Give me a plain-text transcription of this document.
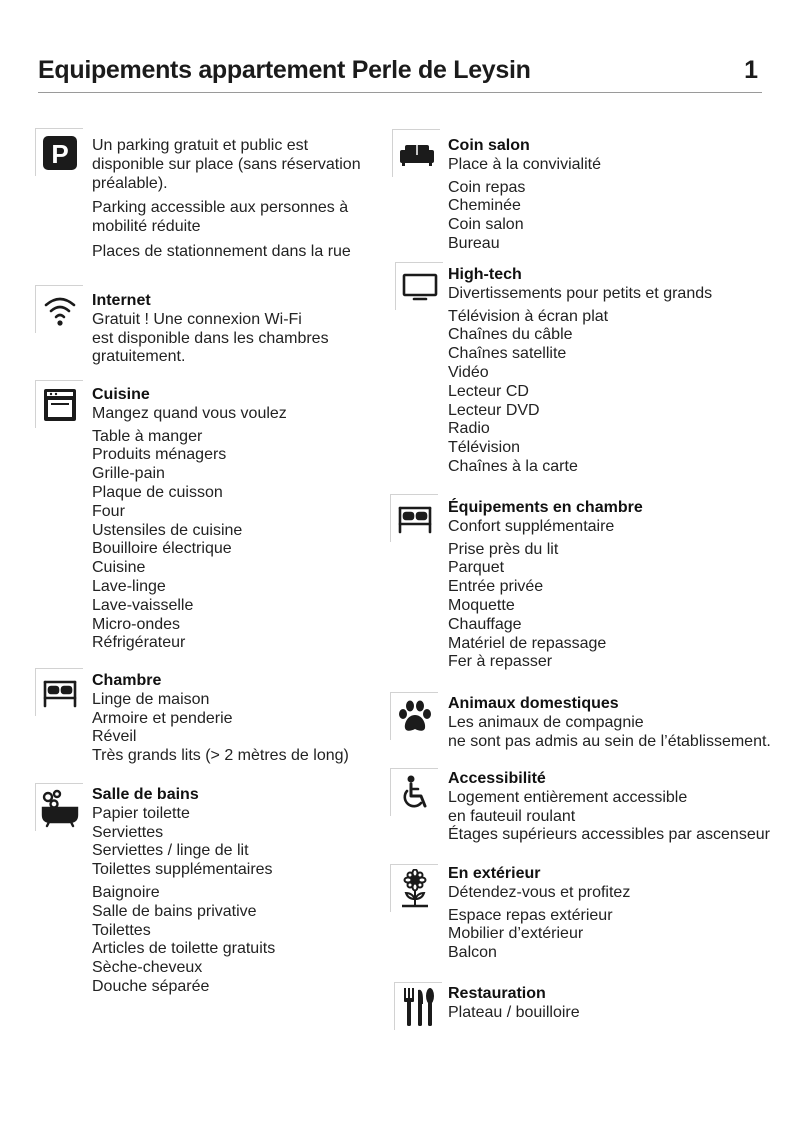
Equipements appartement Perle de Leysin	1
P Un parking gratuit et public est

disponible sur place (sans réservation

préalable).

Parking accessible aux personnes à

mobilité réduite

Places de stationnement dans la rue

Internet

Gratuit ! Une connexion Wi-Fi

est disponible dans les chambres

gratuitement.

Cuisine

Mangez quand vous voulez

Table à manger

Produits ménagers

Grille-pain

Plaque de cuisson

Four

Ustensiles de cuisine

Bouilloire électrique

Cuisine

Lave-linge

Lave-vaisselle

Micro-ondes

Réfrigérateur

Chambre

Linge de maison

Armoire et penderie

Réveil

Très grands lits (> 2 mètres de long)

Salle de bains

Papier toilette

Serviettes

Serviettes / linge de lit

Toilettes supplémentaires

Baignoire

Salle de bains privative

Toilettes

Articles de toilette gratuits

Sèche-cheveux

Douche séparée

Coin salon

Place à la convivialité

Coin repas

Cheminée

Coin salon

Bureau

High-tech

Divertissements pour petits et grands

Télévision à écran plat

Chaînes du câble

Chaînes satellite

Vidéo

Lecteur CD

Lecteur DVD

Radio

Télévision

Chaînes à la carte

Équipements en chambre

Confort supplémentaire

Prise près du lit

Parquet

Entrée privée

Moquette

Chauffage

Matériel de repassage

Fer à repasser

Animaux domestiques

Les animaux de compagnie

ne sont pas admis au sein de l’établissement.

Accessibilité

Logement entièrement accessible

en fauteuil roulant

Étages supérieurs accessibles par ascenseur

En extérieur

Détendez-vous et profitez

Espace repas extérieur

Mobilier d’extérieur

Balcon

Restauration

Plateau / bouilloire
